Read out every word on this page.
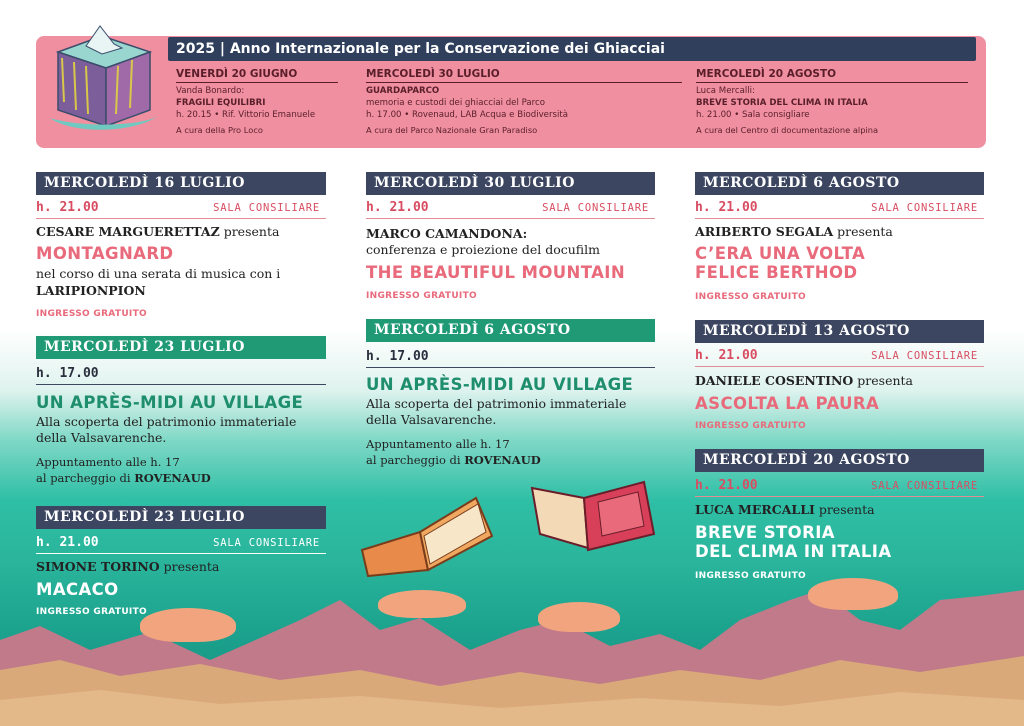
2025 | Anno Internazionale per la Conservazione dei Ghiacciai
VENERDÌ 20 GIUGNO
Vanda Bonardo:
FRAGILI EQUILIBRI
h. 20.15 • Rif. Vittorio Emanuele
A cura della Pro Loco
MERCOLEDÌ 30 LUGLIO
GUARDAPARCO
memoria e custodi dei ghiacciai del Parco
h. 17.00 • Rovenaud, LAB Acqua e Biodiversità
A cura del Parco Nazionale Gran Paradiso
MERCOLEDÌ 20 AGOSTO
Luca Mercalli:
BREVE STORIA DEL CLIMA IN ITALIA
h. 21.00 • Sala consigliare
A cura del Centro di documentazione alpina
MERCOLEDÌ 16 LUGLIO
h. 21.00	SALA CONSILIARE
CESARE MARGUERETTAZ presenta
MONTAGNARD
nel corso di una serata di musica con i
LARIPIONPION
INGRESSO GRATUITO
MERCOLEDÌ 23 LUGLIO
h. 17.00
UN APRÈS-MIDI AU VILLAGE
Alla scoperta del patrimonio immateriale
della Valsavarenche.
Appuntamento alle h. 17
al parcheggio di ROVENAUD
MERCOLEDÌ 23 LUGLIO
h. 21.00	SALA CONSILIARE
SIMONE TORINO presenta
MACACO
INGRESSO GRATUITO
MERCOLEDÌ 30 LUGLIO
h. 21.00	SALA CONSILIARE
MARCO CAMANDONA:
conferenza e proiezione del docufilm
THE BEAUTIFUL MOUNTAIN
INGRESSO GRATUITO
MERCOLEDÌ 6 AGOSTO
h. 17.00
UN APRÈS-MIDI AU VILLAGE
Alla scoperta del patrimonio immateriale
della Valsavarenche.
Appuntamento alle h. 17
al parcheggio di ROVENAUD
MERCOLEDÌ 6 AGOSTO
h. 21.00	SALA CONSILIARE
ARIBERTO SEGALA presenta
C’ERA UNA VOLTA
FELICE BERTHOD
INGRESSO GRATUITO
MERCOLEDÌ 13 AGOSTO
h. 21.00	SALA CONSILIARE
DANIELE COSENTINO presenta
ASCOLTA LA PAURA
INGRESSO GRATUITO
MERCOLEDÌ 20 AGOSTO
h. 21.00	SALA CONSILIARE
LUCA MERCALLI presenta
BREVE STORIA
DEL CLIMA IN ITALIA
INGRESSO GRATUITO
